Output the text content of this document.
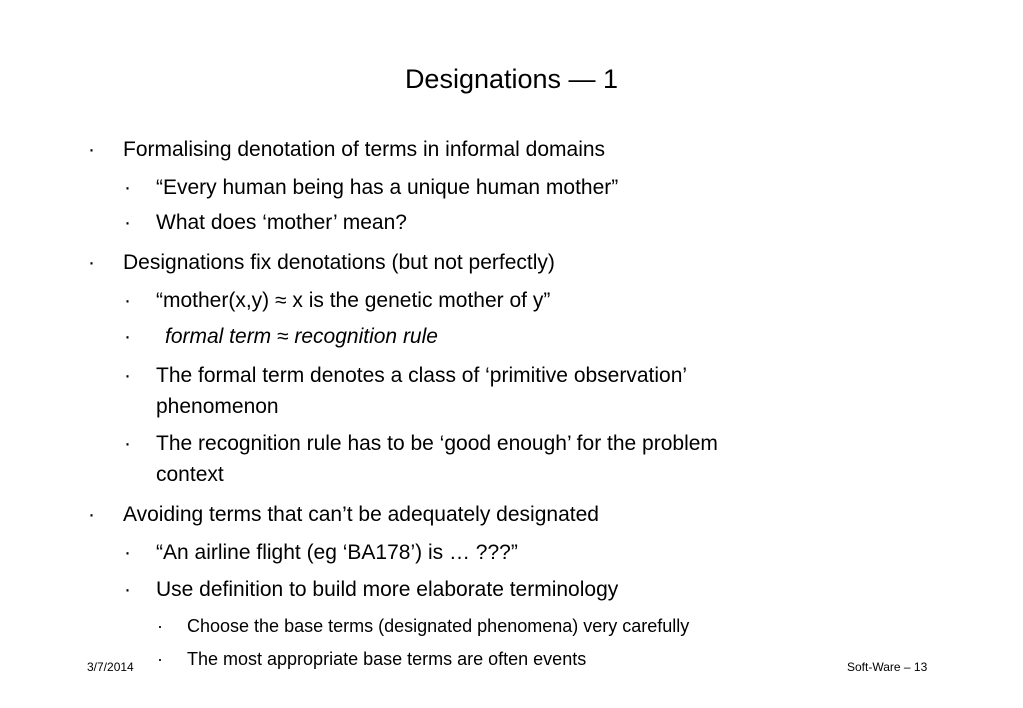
Designations — 1
· Formalising denotation of terms in informal domains
· “Every human being has a unique human mother”
· What does ‘mother’ mean?
· Designations fix denotations (but not perfectly)
· “mother(x,y) ≈ x is the genetic mother of y”
· formal term ≈ recognition rule
· The formal term denotes a class of ‘primitive observation’
phenomenon
· The recognition rule has to be ‘good enough’ for the problem
context
· Avoiding terms that can’t be adequately designated
· “An airline flight (eg ‘BA178’) is … ???”
· Use definition to build more elaborate terminology
· Choose the base terms (designated phenomena) very carefully
· The most appropriate base terms are often events
3/7/2014	Soft-Ware – 13
